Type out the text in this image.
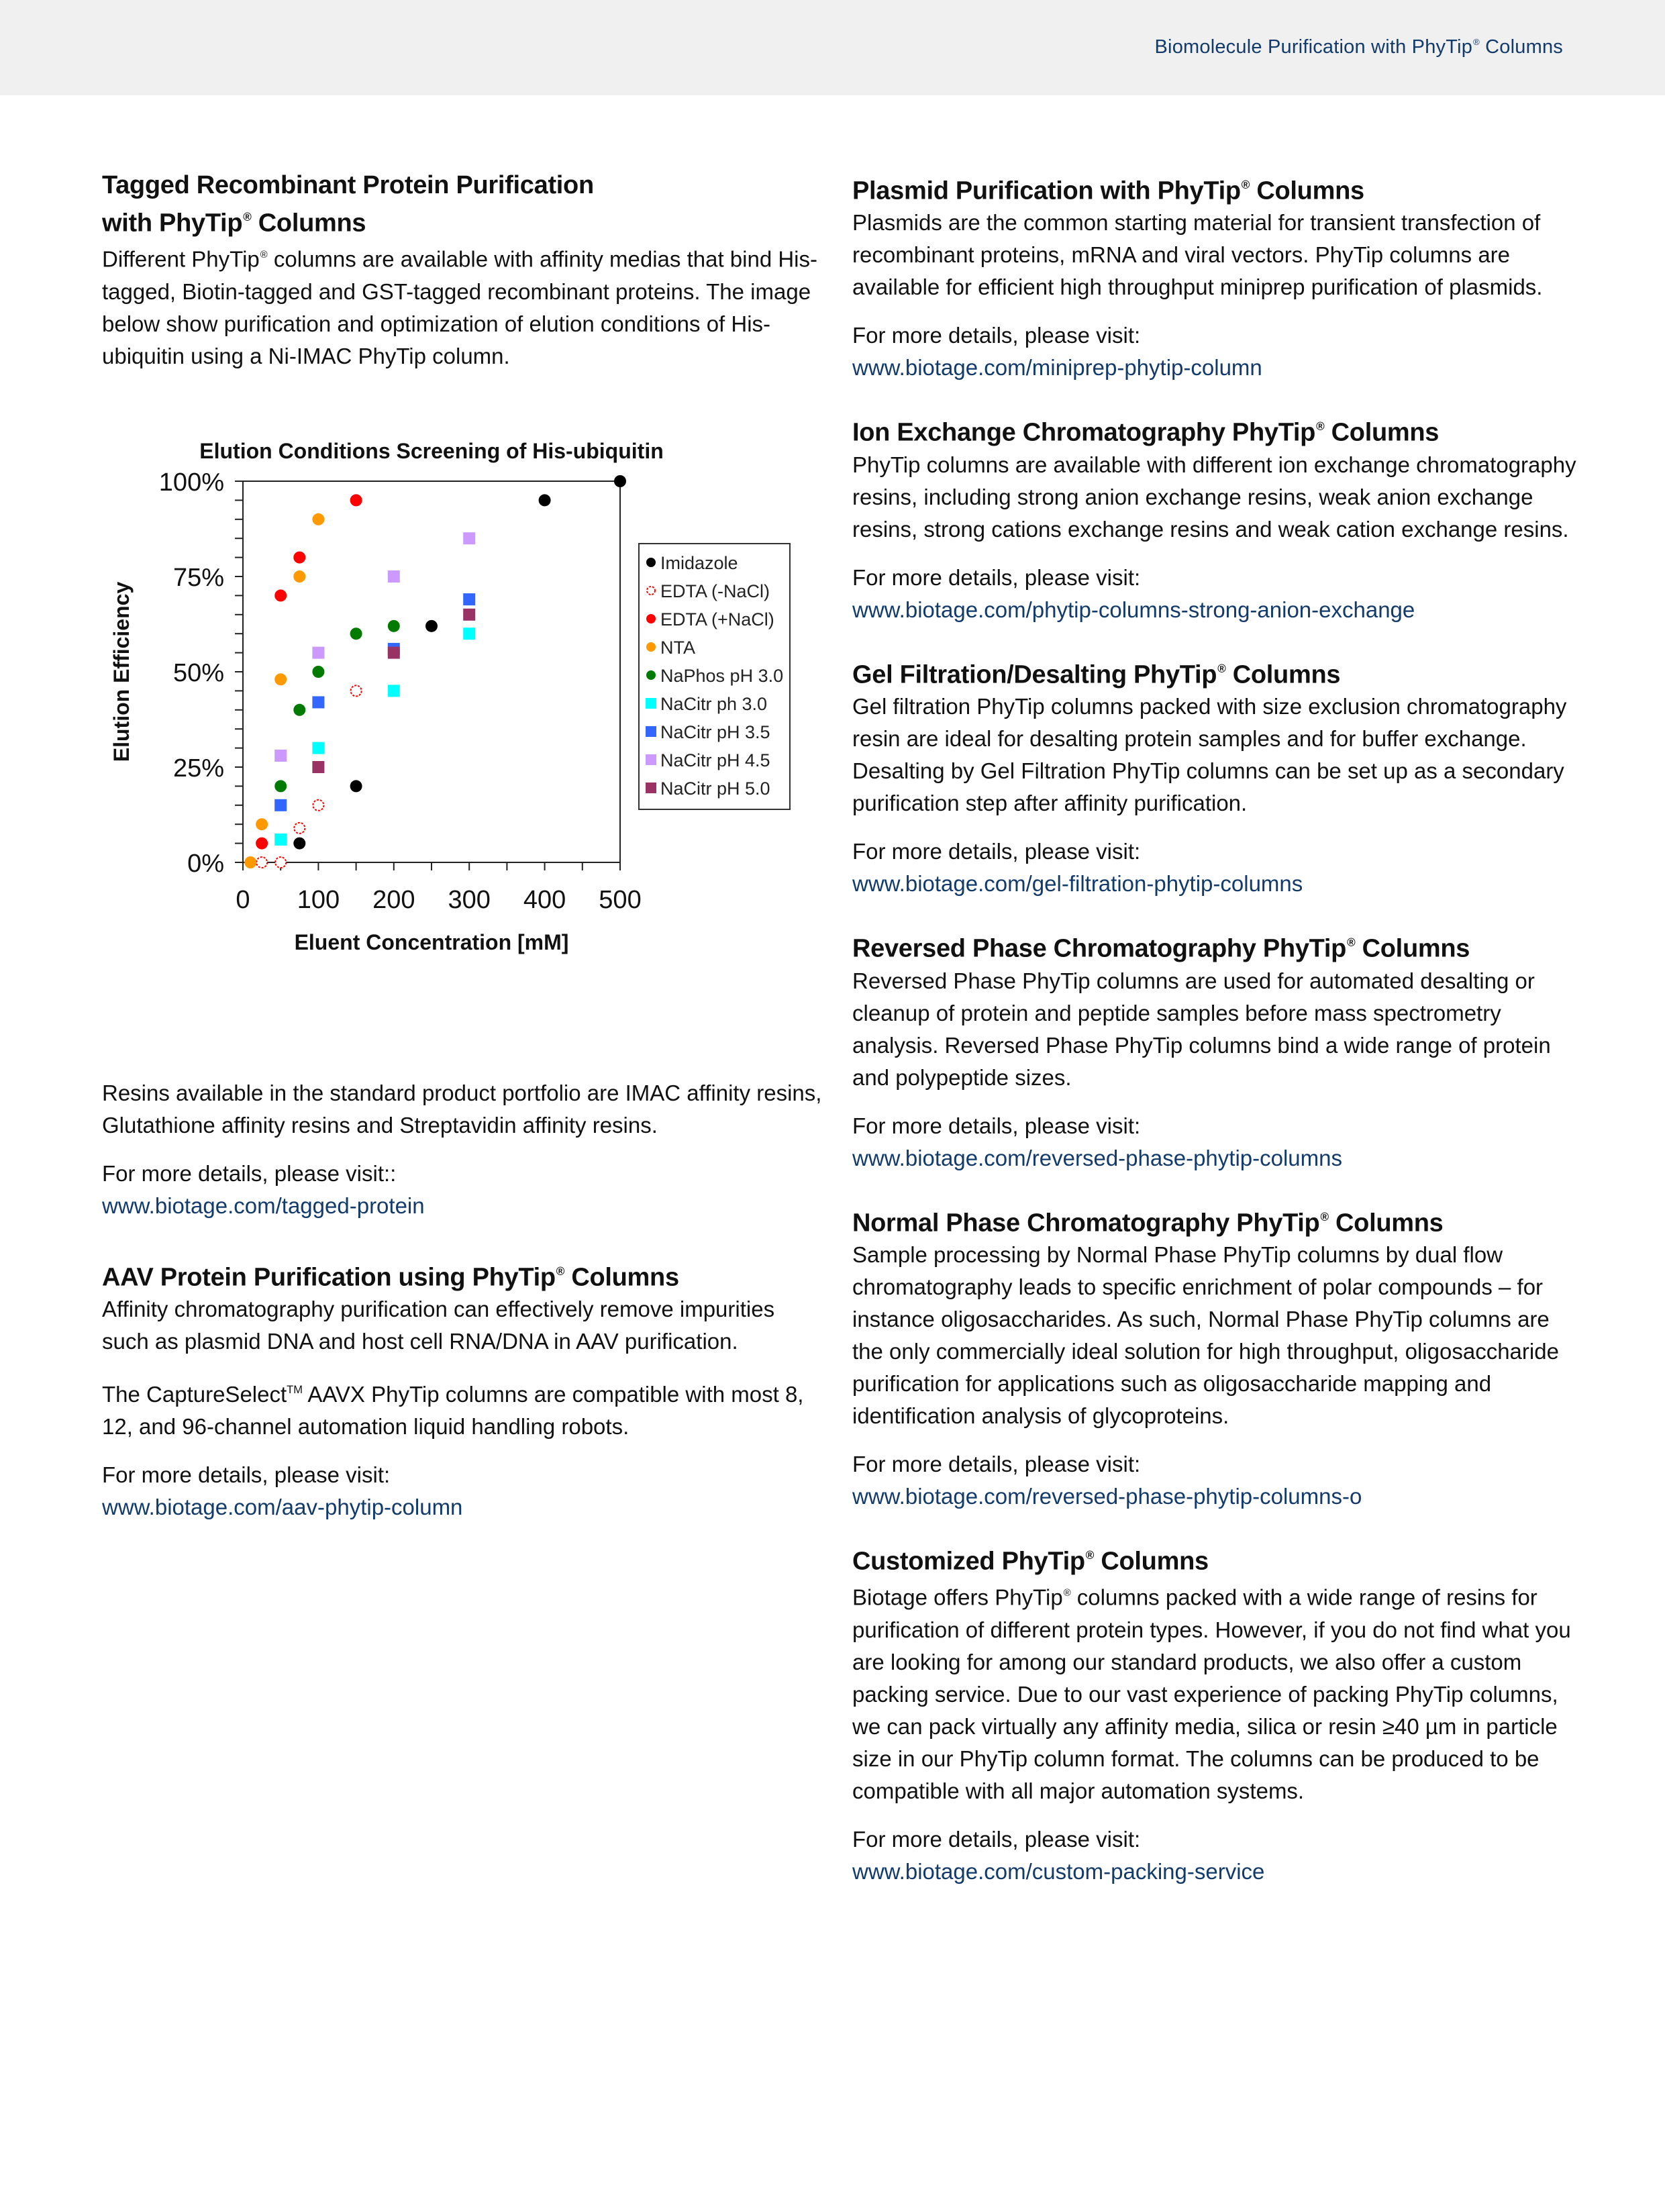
Biomolecule Purification with PhyTip® Columns
Tagged Recombinant Protein Purification
with PhyTip® Columns

Different PhyTip® columns are available with affinity medias that bind His-tagged, Biotin-tagged and GST-tagged recombinant proteins. The image below show purification and optimization of elution conditions of His- ubiquitin using a Ni-IMAC PhyTip column.

Elution Conditions Screening of His-ubiquitin
0%
25%
50%
75%
100%
0 100 200 300 400 500
Eluent Concentration [mM]
Elution Efficiency
Imidazole
EDTA (-NaCl)
EDTA (+NaCl)
NTA
NaPhos pH 3.0
NaCitr ph 3.0
NaCitr pH 3.5
NaCitr pH 4.5
NaCitr pH 5.0

Resins available in the standard product portfolio are IMAC affinity resins, Glutathione affinity resins and Streptavidin affinity resins.

For more details, please visit::

www.biotage.com/tagged-protein
AAV Protein Purification using PhyTip® Columns

Affinity chromatography purification can effectively remove impurities such as plasmid DNA and host cell RNA/DNA in AAV purification.

The CaptureSelect™ AAVX PhyTip columns are compatible with most 8, 12, and 96-channel automation liquid handling robots.

For more details, please visit:

www.biotage.com/aav-phytip-column
Plasmid Purification with PhyTip® Columns

Plasmids are the common starting material for transient transfection of recombinant proteins, mRNA and viral vectors. PhyTip columns are available for efficient high throughput miniprep purification of plasmids.

For more details, please visit:

www.biotage.com/miniprep-phytip-column
Ion Exchange Chromatography PhyTip® Columns

PhyTip columns are available with different ion exchange chromatography resins, including strong anion exchange resins, weak anion exchange resins, strong cations exchange resins and weak cation exchange resins.

For more details, please visit:

www.biotage.com/phytip-columns-strong-anion-exchange
Gel Filtration/Desalting PhyTip® Columns

Gel filtration PhyTip columns packed with size exclusion chromatography resin are ideal for desalting protein samples and for buffer exchange. Desalting by Gel Filtration PhyTip columns can be set up as a secondary purification step after affinity purification.

For more details, please visit:

www.biotage.com/gel-filtration-phytip-columns
Reversed Phase Chromatography PhyTip® Columns

Reversed Phase PhyTip columns are used for automated desalting or cleanup of protein and peptide samples before mass spectrometry analysis. Reversed Phase PhyTip columns bind a wide range of protein and polypeptide sizes.

For more details, please visit:

www.biotage.com/reversed-phase-phytip-columns
Normal Phase Chromatography PhyTip® Columns

Sample processing by Normal Phase PhyTip columns by dual flow chromatography leads to specific enrichment of polar compounds – for instance oligosaccharides. As such, Normal Phase PhyTip columns are the only commercially ideal solution for high throughput, oligosaccharide purification for applications such as oligosaccharide mapping and identification analysis of glycoproteins.

For more details, please visit:

www.biotage.com/reversed-phase-phytip-columns-o
Customized PhyTip® Columns

Biotage offers PhyTip® columns packed with a wide range of resins for purification of different protein types. However, if you do not find what you are looking for among our standard products, we also offer a custom packing service. Due to our vast experience of packing PhyTip columns, we can pack virtually any affinity media, silica or resin ≥40 µm in particle size in our PhyTip column format. The columns can be produced to be compatible with all major automation systems.

For more details, please visit:

www.biotage.com/custom-packing-service
